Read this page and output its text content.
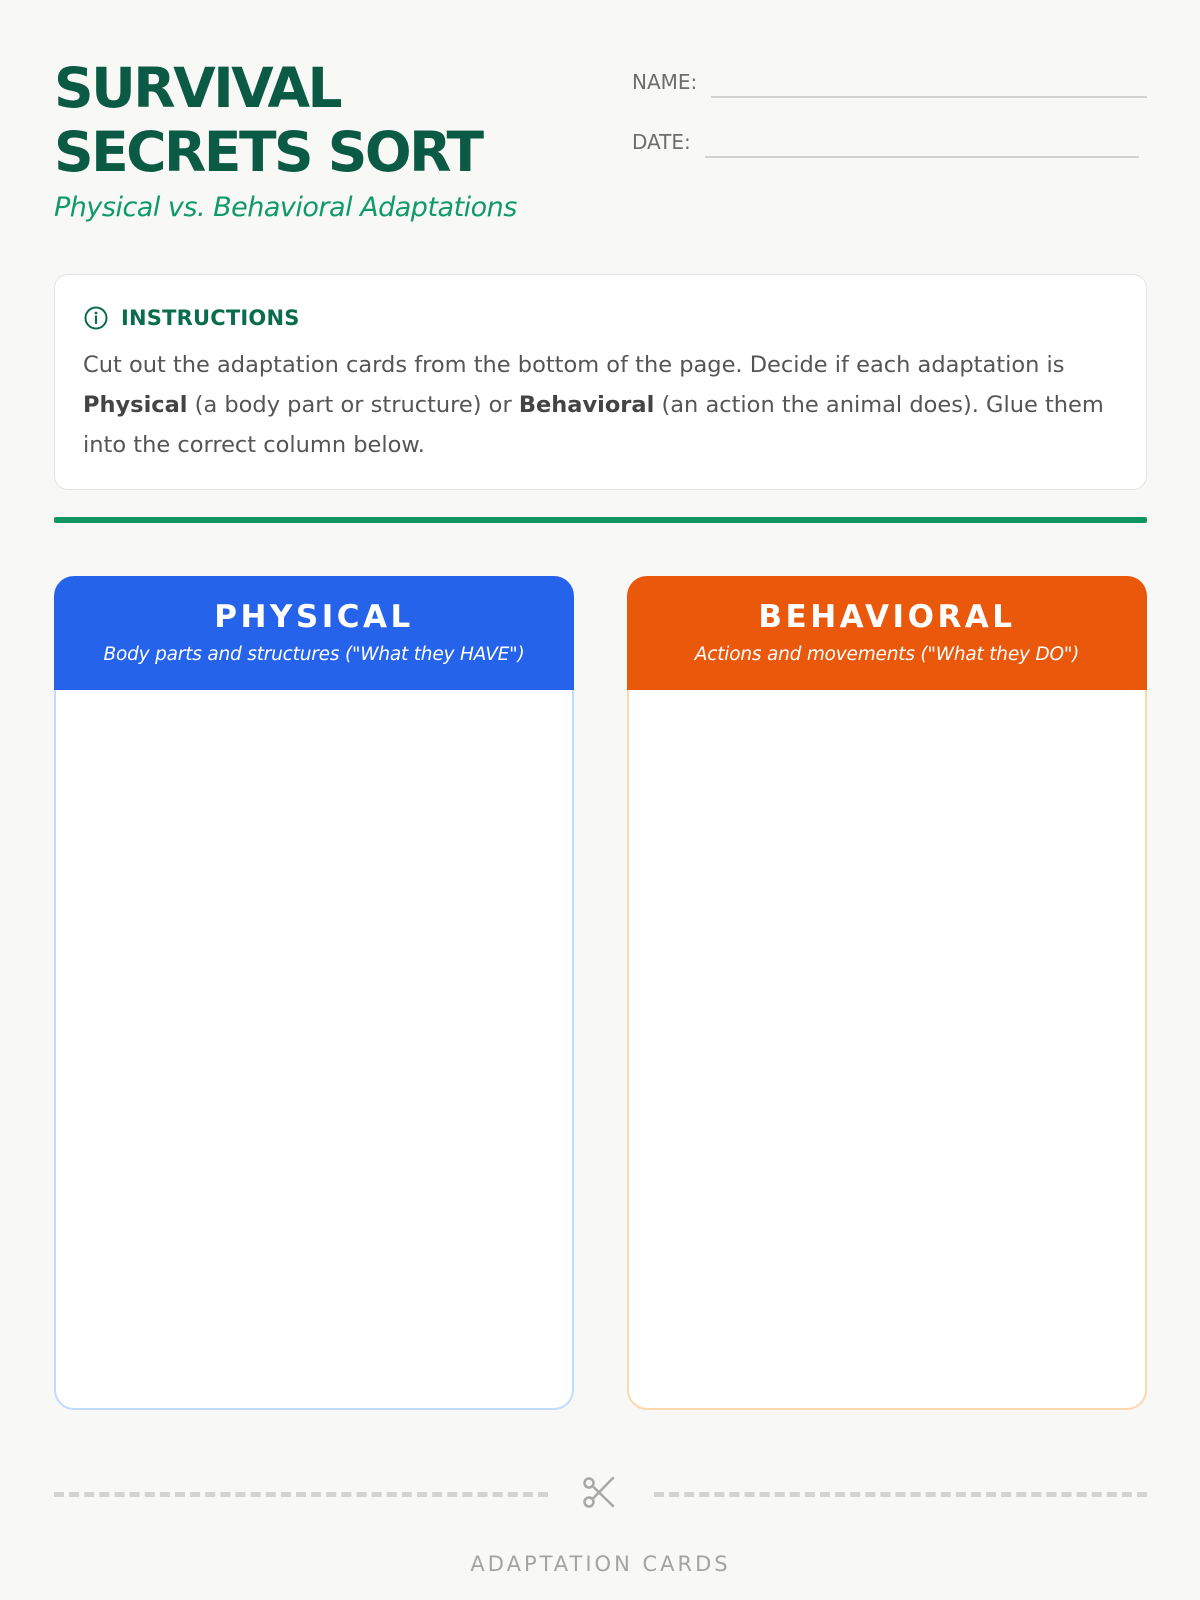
SURVIVAL
SECRETS SORT
Physical vs. Behavioral Adaptations
NAME:
DATE:
INSTRUCTIONS
Cut out the adaptation cards from the bottom of the page. Decide if each adaptation is Physical (a body part or structure) or Behavioral (an action the animal does). Glue them into the correct column below.
PHYSICAL
Body parts and structures ("What they HAVE")
BEHAVIORAL
Actions and movements ("What they DO")
ADAPTATION CARDS
